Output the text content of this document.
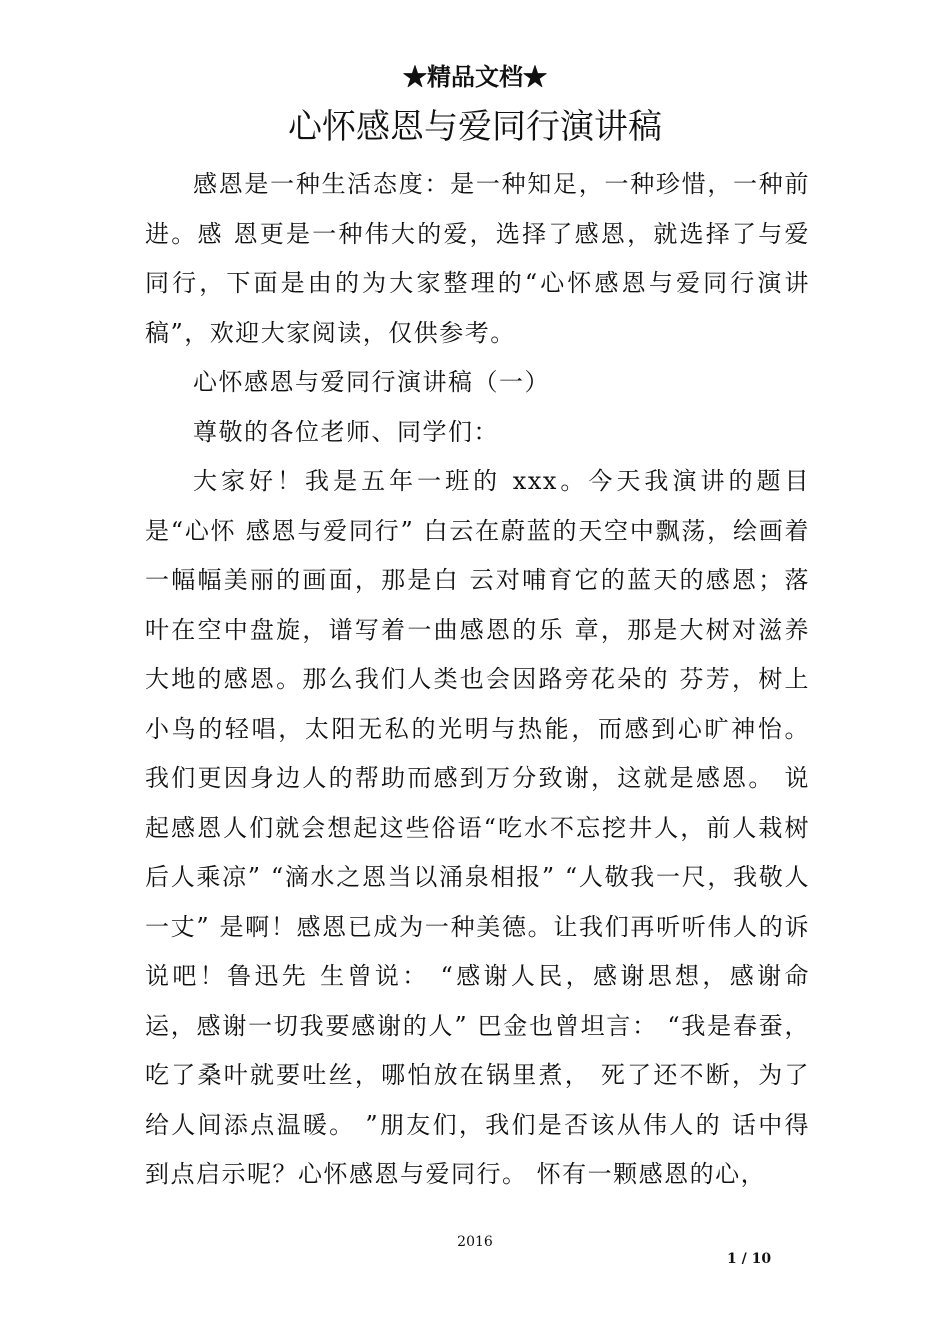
★精品文档★
心怀感恩与爱同行演讲稿

感恩是一种生活态度：是一种知足，一种珍惜，一种前进。感 恩更是一种伟大的爱，选择了感恩，就选择了与爱同行，下面是由的为大家整理的“心怀感恩与爱同行演讲稿”，欢迎大家阅读，仅供参考。

心怀感恩与爱同行演讲稿（一）

尊敬的各位老师、同学们：

大家好！我是五年一班的 xxx。今天我演讲的题目是“心怀 感恩与爱同行” 白云在蔚蓝的天空中飘荡，绘画着一幅幅美丽的画面，那是白 云对哺育它的蓝天的感恩；落叶在空中盘旋，谱写着一曲感恩的乐 章，那是大树对滋养大地的感恩。那么我们人类也会因路旁花朵的 芬芳，树上小鸟的轻唱，太阳无私的光明与热能，而感到心旷神怡。 我们更因身边人的帮助而感到万分致谢，这就是感恩。 说起感恩人们就会想起这些俗语“吃水不忘挖井人，前人栽树 后人乘凉” “滴水之恩当以涌泉相报” “人敬我一尺，我敬人一丈” 是啊！感恩已成为一种美德。让我们再听听伟人的诉说吧！鲁迅先 生曾说： “感谢人民，感谢思想，感谢命运，感谢一切我要感谢的人” 巴金也曾坦言： “我是春蚕，吃了桑叶就要吐丝，哪怕放在锅里煮， 死了还不断，为了给人间添点温暖。 ”朋友们，我们是否该从伟人的 话中得到点启示呢？心怀感恩与爱同行。 怀有一颗感恩的心，

2016
1 / 10
